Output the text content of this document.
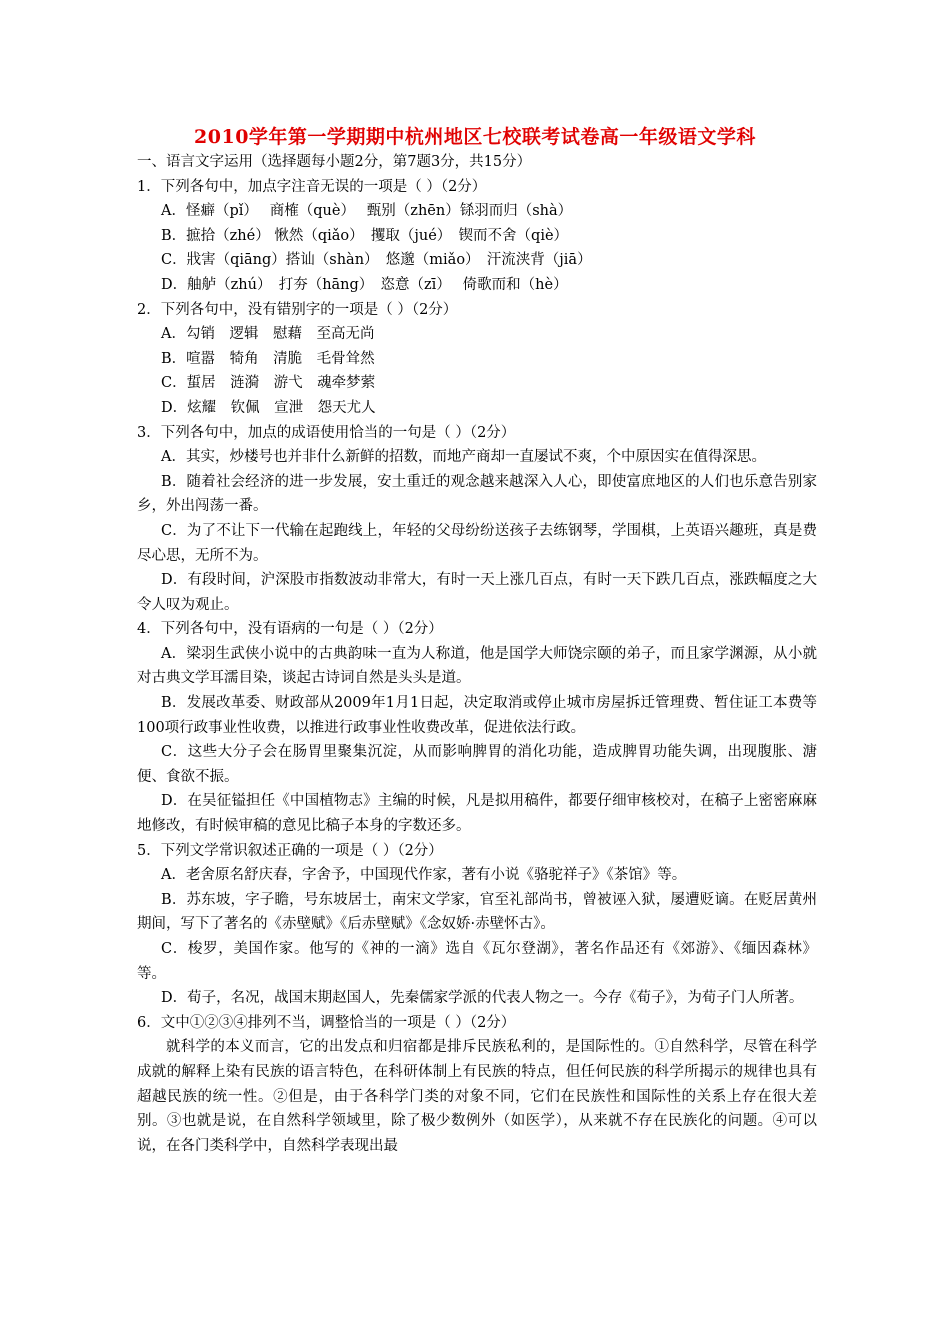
2010学年第一学期期中杭州地区七校联考试卷高一年级语文学科
一、语言文字运用（选择题每小题2分，第7题3分，共15分）
1．下列各句中，加点字注音无误的一项是（ ）（2分）
A．怪癖（pǐ）　 商榷（què）　 甄别（zhēn）铩羽而归（shà）
B．摭拾（zhé） 愀然（qiǎo）　攫取（jué）　锲而不舍（qiè）
C．戕害（qiāng）搭讪（shàn）　悠邈（miǎo）　汗流浃背（jiā）
D．舳舻（zhú）　打夯（hāng）　恣意（zī）　 倚歌而和（hè）
2．下列各句中，没有错别字的一项是（ ）（2分）
A．勾销　逻辑　慰藉　至高无尚
B．喧嚣　犄角　清脆　毛骨耸然
C．蜇居　涟漪　游弋　魂牵梦萦
D．炫耀　钦佩　宣泄　怨天尤人
3．下列各句中，加点的成语使用恰当的一句是（ ）（2分）
A．其实，炒楼号也并非什么新鲜的招数，而地产商却一直屡试不爽，个中原因实在值得深思。
B．随着社会经济的进一步发展，安土重迁的观念越来越深入人心，即使富庶地区的人们也乐意告别家乡，外出闯荡一番。
C．为了不让下一代输在起跑线上，年轻的父母纷纷送孩子去练钢琴，学围棋，上英语兴趣班，真是费尽心思，无所不为。
D．有段时间，沪深股市指数波动非常大，有时一天上涨几百点，有时一天下跌几百点，涨跌幅度之大令人叹为观止。
4．下列各句中，没有语病的一句是（ ）（2分）
A．梁羽生武侠小说中的古典韵味一直为人称道，他是国学大师饶宗颐的弟子，而且家学渊源，从小就对古典文学耳濡目染，谈起古诗词自然是头头是道。
B．发展改革委、财政部从2009年1月1日起，决定取消或停止城市房屋拆迁管理费、暂住证工本费等100项行政事业性收费，以推进行政事业性收费改革，促进依法行政。
C．这些大分子会在肠胃里聚集沉淀，从而影响脾胃的消化功能，造成脾胃功能失调，出现腹胀、溏便、食欲不振。
D．在吴征镒担任《中国植物志》主编的时候，凡是拟用稿件，都要仔细审核校对，在稿子上密密麻麻地修改，有时候审稿的意见比稿子本身的字数还多。
5．下列文学常识叙述正确的一项是（ ）（2分）
A．老舍原名舒庆春，字舍予，中国现代作家，著有小说《骆驼祥子》《茶馆》等。
B．苏东坡，字子瞻，号东坡居士，南宋文学家，官至礼部尚书，曾被诬入狱，屡遭贬谪。在贬居黄州期间，写下了著名的《赤壁赋》《后赤壁赋》《念奴娇·赤壁怀古》。
C．梭罗，美国作家。他写的《神的一滴》选自《瓦尔登湖》，著名作品还有《郊游》、《缅因森林》等。
D．荀子，名况，战国末期赵国人，先秦儒家学派的代表人物之一。今存《荀子》，为荀子门人所著。
6．文中①②③④排列不当，调整恰当的一项是（ ）（2分）
就科学的本义而言，它的出发点和归宿都是排斥民族私利的，是国际性的。①自然科学，尽管在科学成就的解释上染有民族的语言特色，在科研体制上有民族的特点，但任何民族的科学所揭示的规律也具有超越民族的统一性。②但是，由于各科学门类的对象不同，它们在民族性和国际性的关系上存在很大差别。③也就是说，在自然科学领域里，除了极少数例外（如医学），从来就不存在民族化的问题。④可以说，在各门类科学中，自然科学表现出最
